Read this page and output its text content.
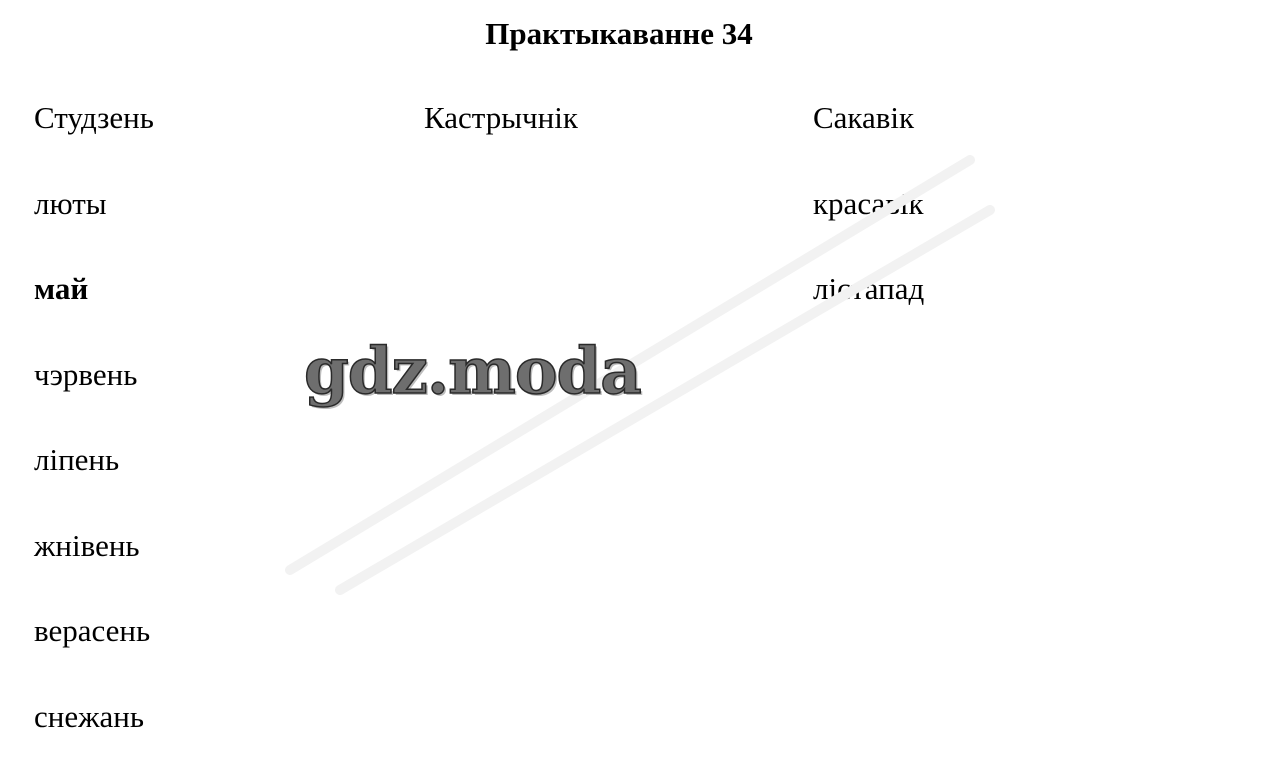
Практыкаванне 34
Студзень
люты
май
чэрвень
ліпень
жнівень
верасень
снежань
Кастрычнік	Сакавік
красавік
лістапад
gdz.moda
